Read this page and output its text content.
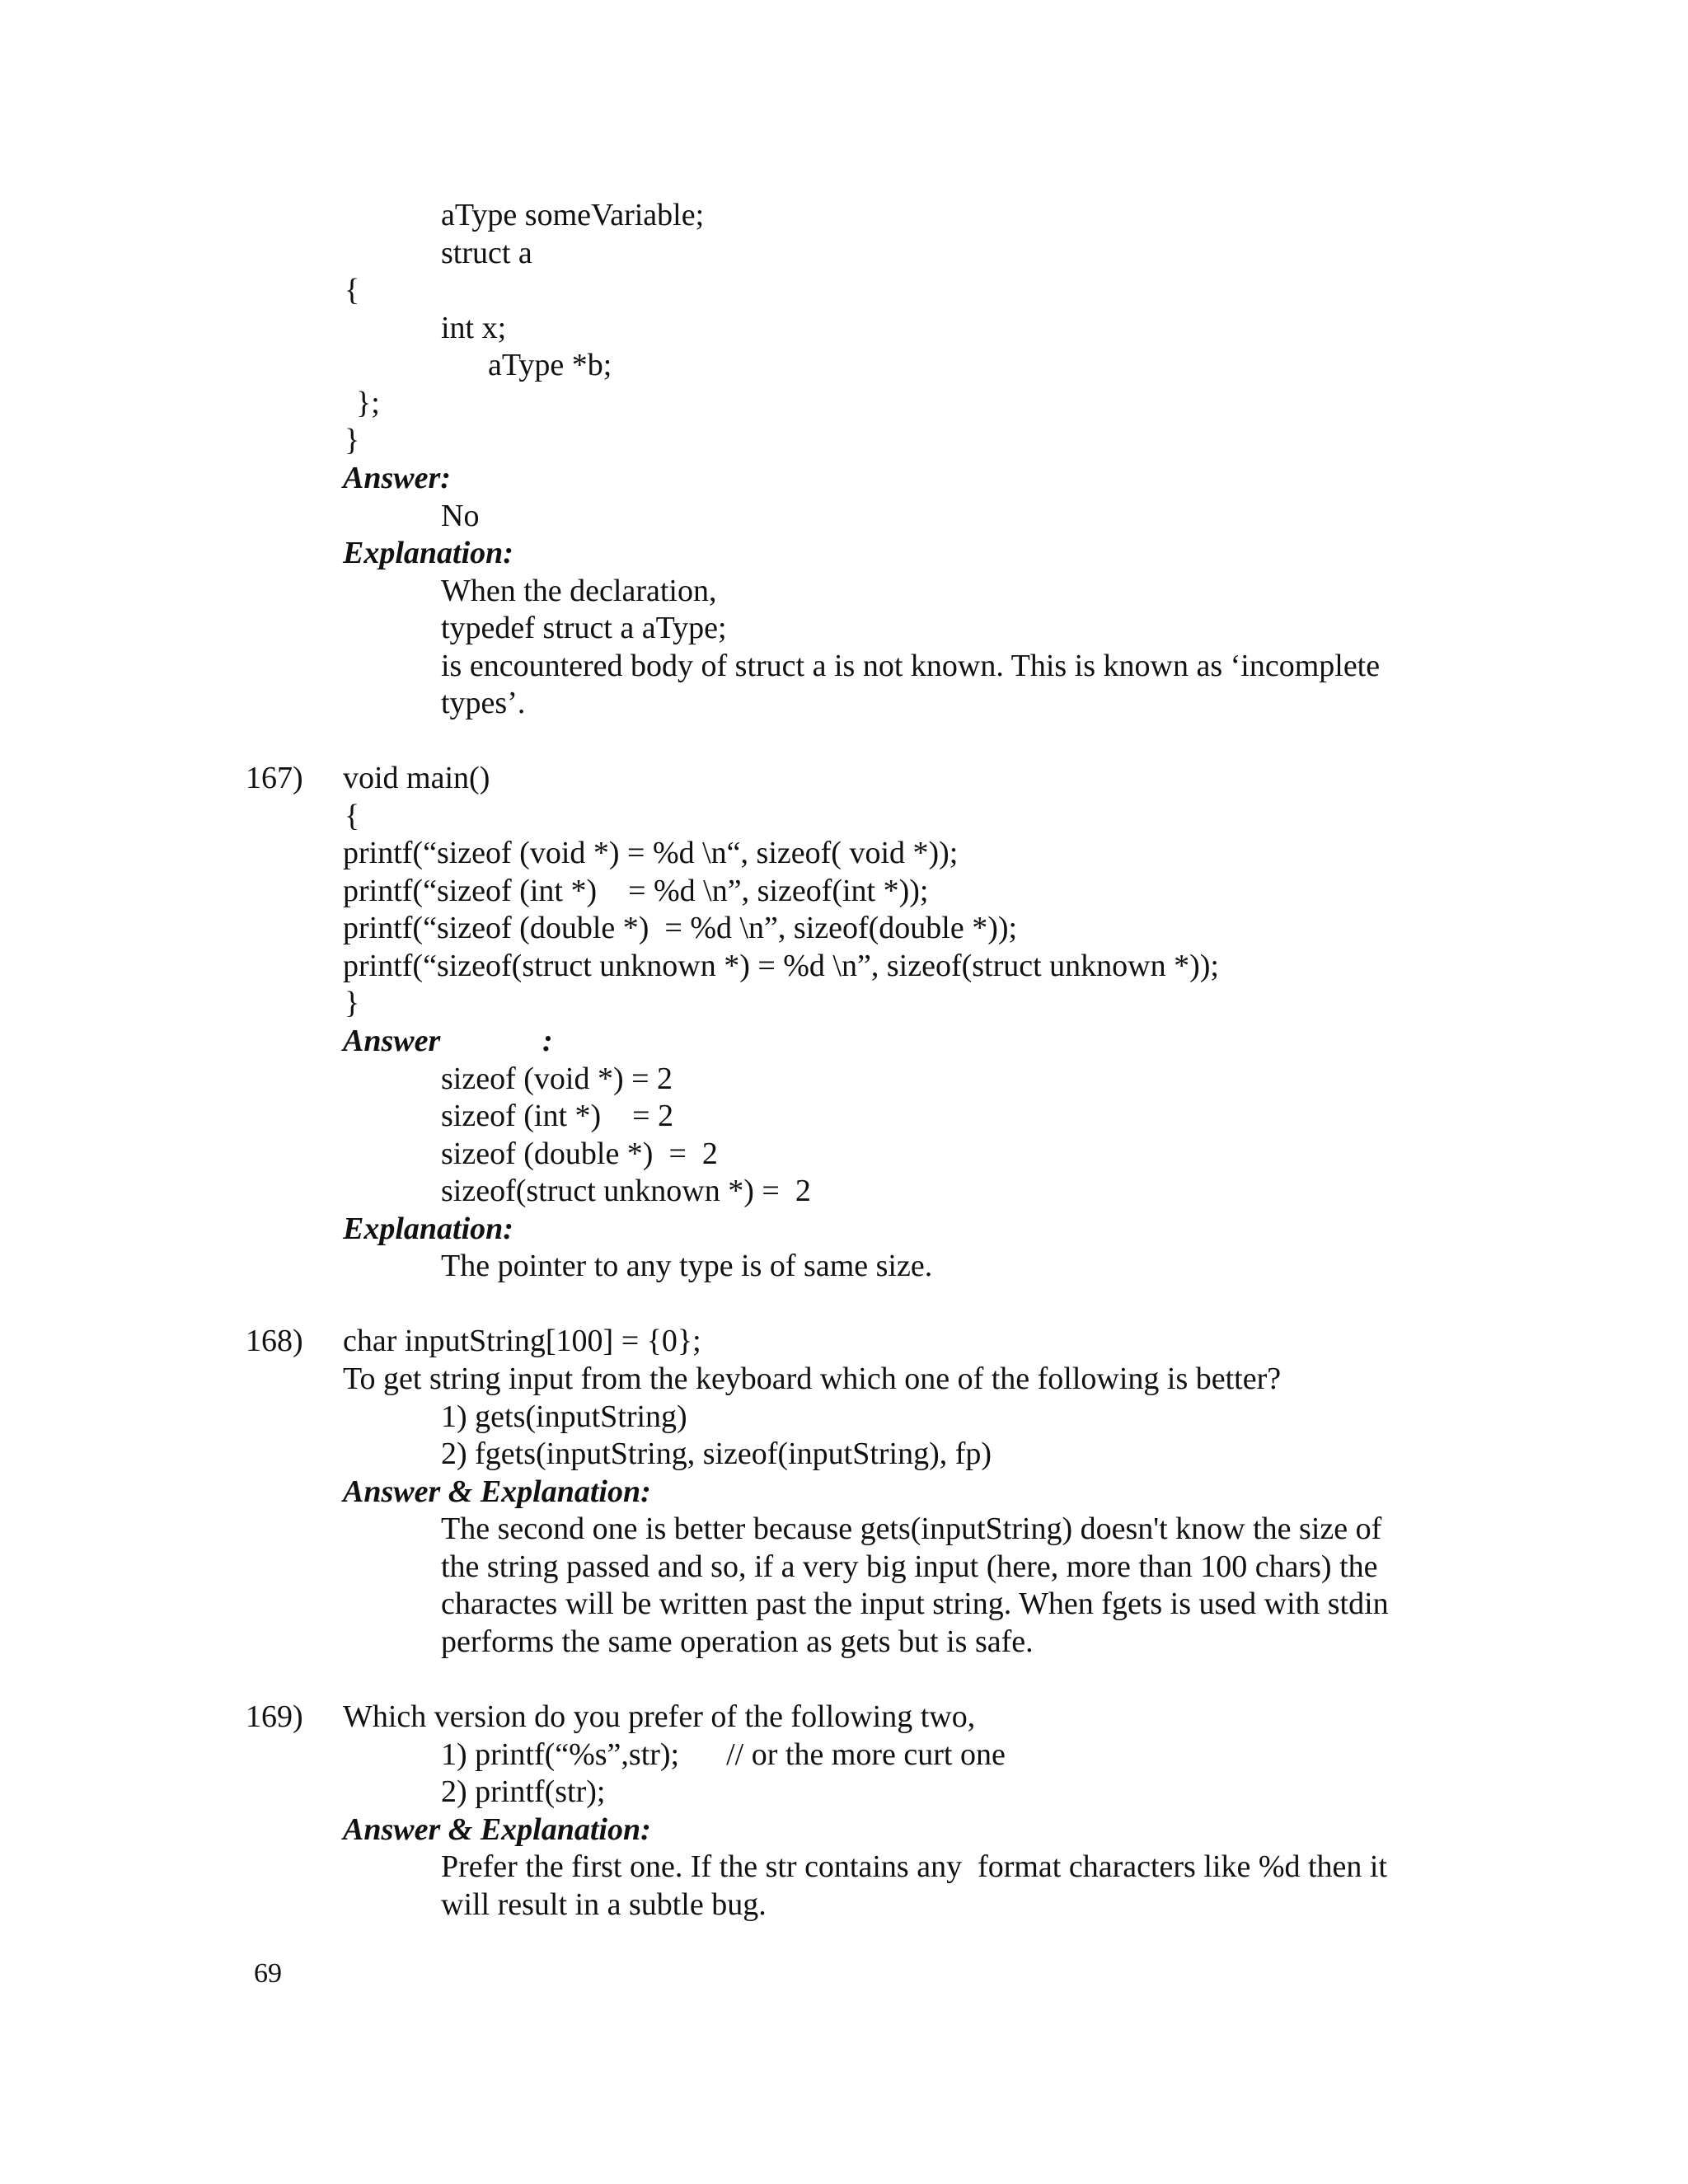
aType someVariable;
struct a
{
int x;
aType *b;
};
}
Answer:
No
Explanation:
When the declaration,
typedef struct a aType;
is encountered body of struct a is not known. This is known as ‘incomplete
types’.
167) void main()
{
printf(“sizeof (void *) = %d \n“, sizeof( void *));
printf(“sizeof (int *)    = %d \n”, sizeof(int *));
printf(“sizeof (double *)  = %d \n”, sizeof(double *));
printf(“sizeof(struct unknown *) = %d \n”, sizeof(struct unknown *));
}
Answer	:
sizeof (void *) = 2
sizeof (int *)    = 2
sizeof (double *)  =  2
sizeof(struct unknown *) =  2
Explanation:
The pointer to any type is of same size.
168) char inputString[100] = {0};
To get string input from the keyboard which one of the following is better?
1) gets(inputString)
2) fgets(inputString, sizeof(inputString), fp)
Answer & Explanation:
The second one is better because gets(inputString) doesn't know the size of
the string passed and so, if a very big input (here, more than 100 chars) the
charactes will be written past the input string. When fgets is used with stdin
performs the same operation as gets but is safe.
169) Which version do you prefer of the following two,
1) printf(“%s”,str);      // or the more curt one
2) printf(str);
Answer & Explanation:
Prefer the first one. If the str contains any  format characters like %d then it
will result in a subtle bug.
69
